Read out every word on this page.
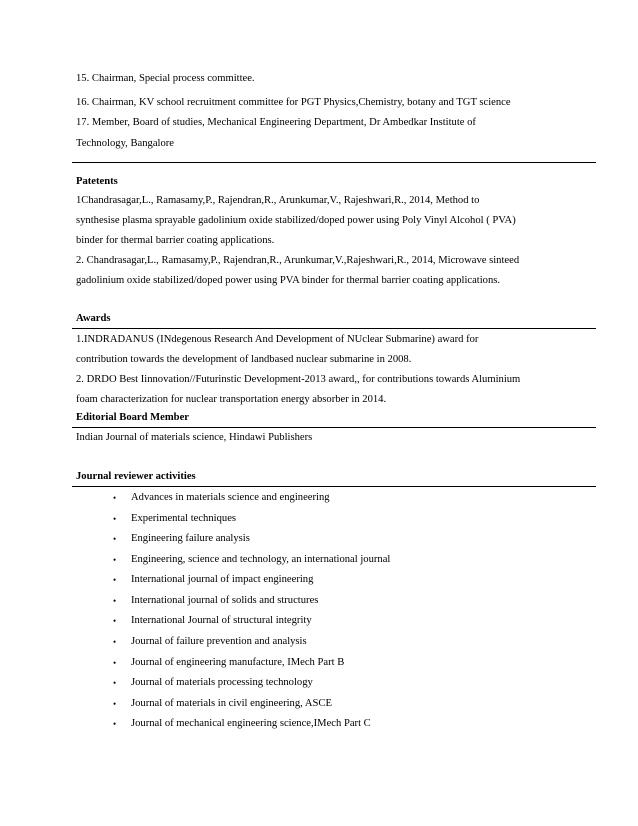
15. Chairman, Special process committee.
16. Chairman, KV school recruitment committee for PGT Physics,Chemistry, botany and TGT science
17. Member, Board of studies, Mechanical Engineering Department, Dr Ambedkar Institute of
Technology, Bangalore
Patetents
1Chandrasagar,L., Ramasamy,P., Rajendran,R., Arunkumar,V., Rajeshwari,R., 2014, Method to
synthesise plasma sprayable gadolinium oxide stabilized/doped power using Poly Vinyl Alcohol ( PVA)
binder for thermal barrier coating applications.
2. Chandrasagar,L., Ramasamy,P., Rajendran,R., Arunkumar,V.,Rajeshwari,R., 2014, Microwave sinteed
gadolinium oxide stabilized/doped power using PVA binder for thermal barrier coating applications.
Awards
1.INDRADANUS (INdegenous Research And Development of NUclear Submarine) award for
contribution towards the development of landbased nuclear submarine in 2008.
2. DRDO Best Iinnovation//Futurinstic Development-2013 award,, for contributions towards Aluminium
foam characterization for nuclear transportation energy absorber in 2014.
Editorial Board Member
Indian Journal of materials science, Hindawi Publishers
Journal reviewer activities
• Advances in materials science and engineering
• Experimental techniques
• Engineering failure analysis
• Engineering, science and technology, an international journal
• International journal of impact engineering
• International journal of solids and structures
• International Journal of structural integrity
• Journal of failure prevention and analysis
• Journal of engineering manufacture, IMech Part B
• Journal of materials processing technology
• Journal of materials in civil engineering, ASCE
• Journal of mechanical engineering science,IMech Part C
